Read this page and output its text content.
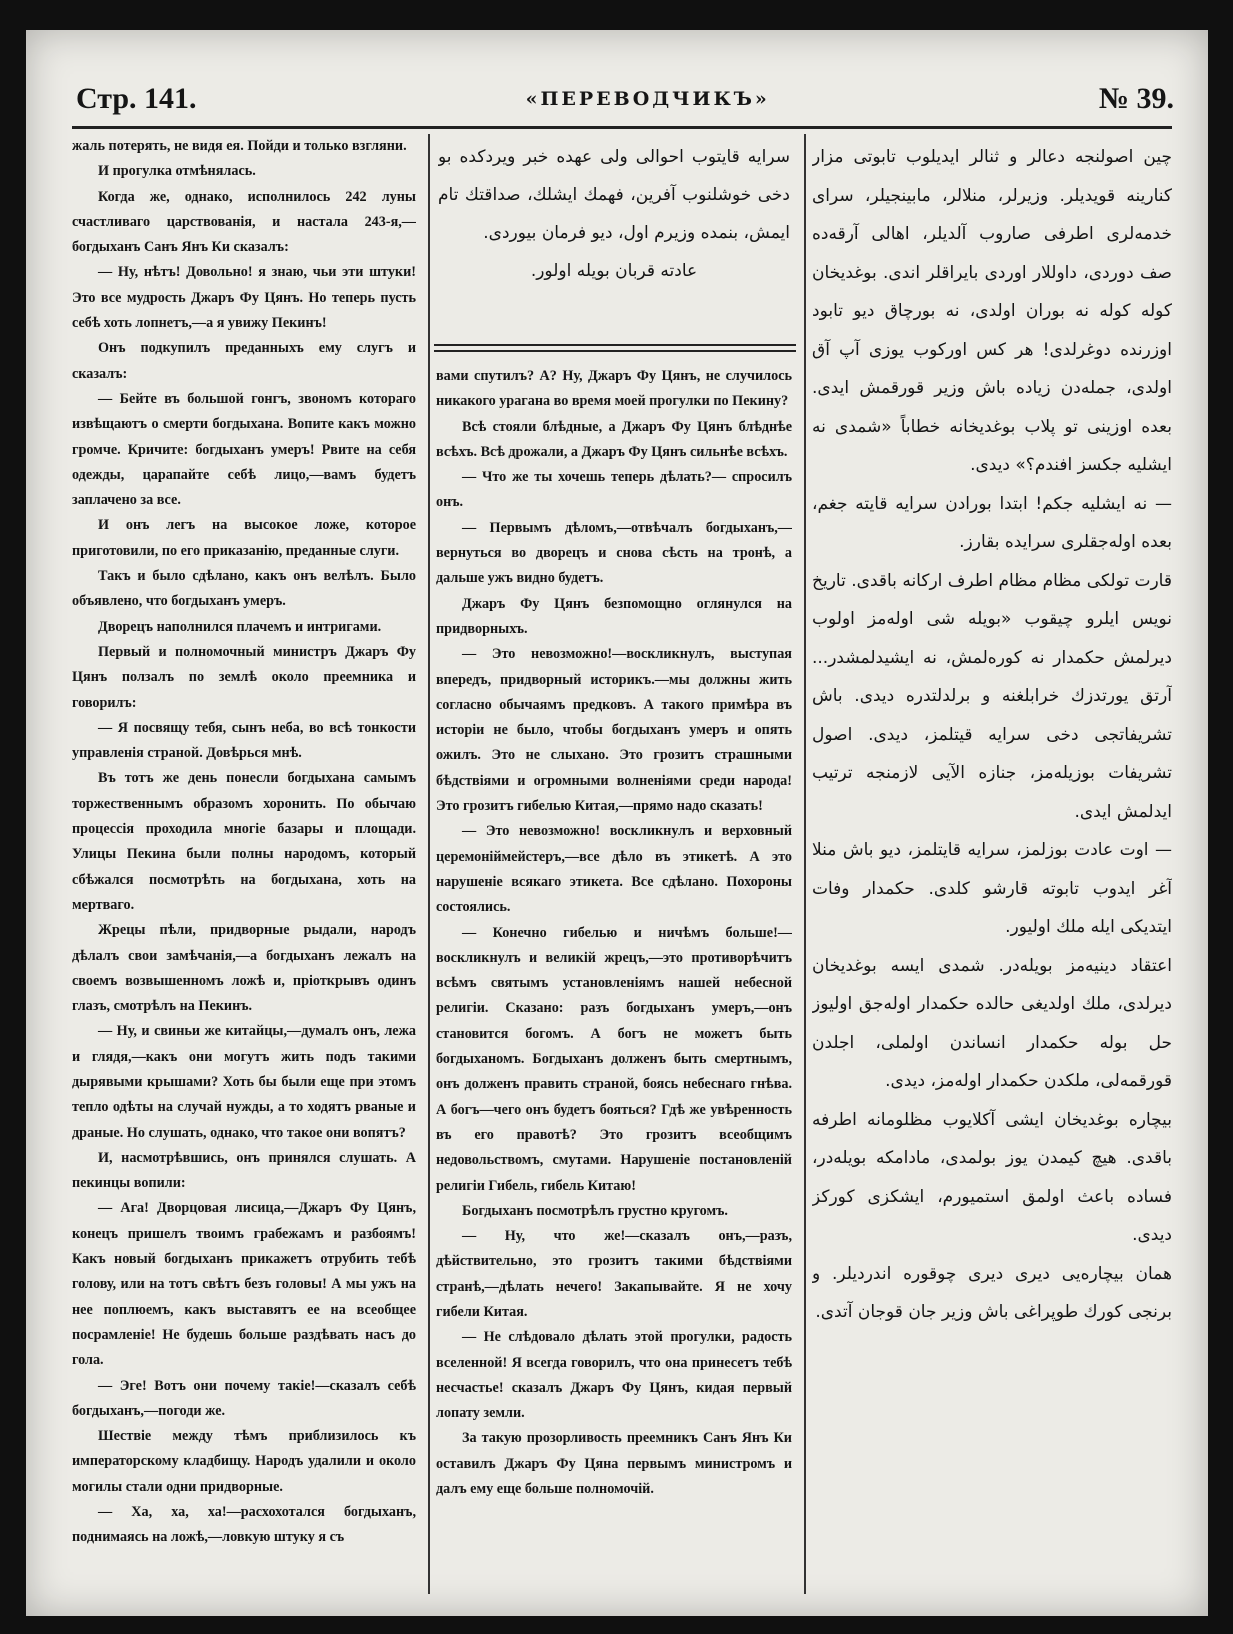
Стр. 141.	«ПЕРЕВОДЧИКЪ»	№ 39.

жаль потерять, не видя ея. Пойди и только взгляни.

И прогулка отмѣнялась.

Когда же, однако, исполнилось 242 луны счастливаго царствованія, и настала 243-я,— богдыханъ Санъ Янъ Ки сказалъ:

— Ну, нѣтъ! Довольно! я знаю, чьи эти штуки! Это все мудрость Джаръ Фу Цянъ. Но теперь пусть себѣ хоть лопнетъ,—а я увижу Пекинъ!

Онъ подкупилъ преданныхъ ему слугъ и сказалъ:

— Бейте въ большой гонгъ, звономъ котораго извѣщаютъ о смерти богдыхана. Вопите какъ можно громче. Кричите: богдыханъ умеръ! Рвите на себя одежды, царапайте себѣ лицо,—вамъ будетъ заплачено за все.

И онъ легъ на высокое ложе, которое приготовили, по его приказанію, преданные слуги.

Такъ и было сдѣлано, какъ онъ велѣлъ. Было объявлено, что богдыханъ умеръ.

Дворецъ наполнился плачемъ и интригами.

Первый и полномочный министръ Джаръ Фу Цянъ ползалъ по землѣ около преемника и говорилъ:

— Я посвящу тебя, сынъ неба, во всѣ тонкости управленія страной. Довѣрься мнѣ.

Въ тотъ же день понесли богдыхана самымъ торжественнымъ образомъ хоронить. По обычаю процессія проходила многіе базары и площади. Улицы Пекина были полны народомъ, который сбѣжался посмотрѣть на богдыхана, хоть на мертваго.

Жрецы пѣли, придворные рыдали, народъ дѣлалъ свои замѣчанія,—а богдыханъ лежалъ на своемъ возвышенномъ ложѣ и, пріоткрывъ одинъ глазъ, смотрѣлъ на Пекинъ.

— Ну, и свиньи же китайцы,—думалъ онъ, лежа и глядя,—какъ они могутъ жить подъ такими дырявыми крышами? Хоть бы были еще при этомъ тепло одѣты на случай нужды, а то ходятъ рваные и драные. Но слушать, однако, что такое они вопятъ?

И, насмотрѣвшись, онъ принялся слушать. А пекинцы вопили:

— Ага! Дворцовая лисица,—Джаръ Фу Цянъ, конецъ пришелъ твоимъ грабежамъ и разбоямъ! Какъ новый богдыханъ прикажетъ отрубить тебѣ голову, или на тотъ свѣтъ безъ головы! А мы ужъ на нее поплюемъ, какъ выставятъ ее на всеобщее посрамленіе! Не будешь больше раздѣвать насъ до гола.

— Эге! Вотъ они почему такіе!—сказалъ себѣ богдыханъ,—погоди же.

Шествіе между тѣмъ приблизилось къ императорскому кладбищу. Народъ удалили и около могилы стали одни придворные.

— Ха, ха, ха!—расхохотался богдыханъ, поднимаясь на ложѣ,—ловкую штуку я съ

سرایه قایتوب احوالی ولی عهده خبر ویردکده بو دخی خوشلنوب آفرین، فهمك ایشلك، صداقتك تام ایمش، بنمده وزیرم اول، دیو فرمان بیوردی.

عادته قربان بویله اولور.

вами спутилъ? А? Ну, Джаръ Фу Цянъ, не случилось никакого урагана во время моей прогулки по Пекину?

Всѣ стояли блѣдные, а Джаръ Фу Цянъ блѣднѣе всѣхъ. Всѣ дрожали, а Джаръ Фу Цянъ сильнѣе всѣхъ.

— Что же ты хочешь теперь дѣлать?— спросилъ онъ.

— Первымъ дѣломъ,—отвѣчалъ богдыханъ,—вернуться во дворецъ и снова сѣсть на тронѣ, а дальше ужъ видно будетъ.

Джаръ Фу Цянъ безпомощно оглянулся на придворныхъ.

— Это невозможно!—воскликнулъ, выступая впередъ, придворный историкъ.—мы должны жить согласно обычаямъ предковъ. А такого примѣра въ исторіи не было, чтобы богдыханъ умеръ и опять ожилъ. Это не слыхано. Это грозитъ страшными бѣдствіями и огромными волненіями среди народа! Это грозитъ гибелью Китая,—прямо надо сказать!

— Это невозможно! воскликнулъ и верховный церемоніймейстеръ,—все дѣло въ этикетѣ. А это нарушеніе всякаго этикета. Все сдѣлано. Похороны состоялись.

— Конечно гибелью и ничѣмъ больше!— воскликнулъ и великій жрецъ,—это противорѣчитъ всѣмъ святымъ установленіямъ нашей небесной религіи. Сказано: разъ богдыханъ умеръ,—онъ становится богомъ. А богъ не можетъ быть богдыханомъ. Богдыханъ долженъ быть смертнымъ, онъ долженъ править страной, боясь небеснаго гнѣва. А богъ—чего онъ будетъ бояться? Гдѣ же увѣренность въ его правотѣ? Это грозитъ всеобщимъ недовольствомъ, смутами. Нарушеніе постановленій религіи Гибель, гибель Китаю!

Богдыханъ посмотрѣлъ грустно кругомъ.

— Ну, что же!—сказалъ онъ,—разъ, дѣйствительно, это грозитъ такими бѣдствіями странѣ,—дѣлать нечего! Закапывайте. Я не хочу гибели Китая.

— Не слѣдовало дѣлать этой прогулки, радость вселенной! Я всегда говорилъ, что она принесетъ тебѣ несчастье! сказалъ Джаръ Фу Цянъ, кидая первый лопату земли.

За такую прозорливость преемникъ Санъ Янъ Ки оставилъ Джаръ Фу Цяна первымъ министромъ и далъ ему еще больше полномочій.

چین اصولنجه دعالر و ثنالر ایدیلوب تابوتی مزار کنارینه قویدیلر. وزیرلر، منلالر، مابینجیلر، سرای خدمه‌لری اطرفی صاروب آلدیلر، اهالی آرقه‌ده صف دوردی، داوللار اوردی بایراقلر اندی. بوغدیخان کوله کوله نه بوران اولدی، نه بورچاق دیو تابود اوزرنده دوغرلدی! هر کس اورکوب یوزی آپ آق اولدی، جمله‌دن زیاده باش وزیر قورقمش ایدی. بعده اوزینی تو پلاب بوغدیخانه خطاباً «شمدی نه ایشلیه جکسز افندم؟» دیدی.

— نه ایشلیه جکم! ابتدا بورادن سرایه قایته جغم، بعده اوله‌جقلری سرایده بقارز.

قارت تولکی مظام مظام اطرف ارکانه باقدی. تاریخ نویس ایلرو چیقوب «بویله شی اوله‌مز اولوب دیرلمش حکمدار نه کوره‌لمش، نه ایشیدلمشدر... آرتق یورتدزك خرابلغنه و برلدلتدره دیدی. باش تشریفاتجی دخی سرایه قیتلمز، دیدی. اصول تشریفات بوزیله‌مز، جنازه الآیی لازمنجه ترتیب ایدلمش ایدی.

— اوت عادت بوزلمز، سرایه قایتلمز، دیو باش منلا آغر ایدوب تابوته قارشو کلدی. حکمدار وفات ایتدیکی ایله ملك اولیور.

اعتقاد دینیه‌مز بویله‌در. شمدی ایسه بوغدیخان دیرلدی، ملك اولدیغی حالده حکمدار اوله‌جق اولیوز حل بوله حکمدار انساندن اولملی، اجلدن قورقمه‌لی، ملکدن حکمدار اوله‌مز، دیدی.

بیچاره بوغدیخان ایشی آکلایوب مظلومانه اطرفه باقدی. هیچ کیمدن یوز بولمدی، مادامکه بویله‌در، فساده باعث اولمق استمیورم، ایشکزی کورکز دیدی.

همان بیچاره‌یی دیری دیری چوقوره اندردیلر. و برنجی کورك طوپراغی باش وزیر جان قوجان آتدی.
